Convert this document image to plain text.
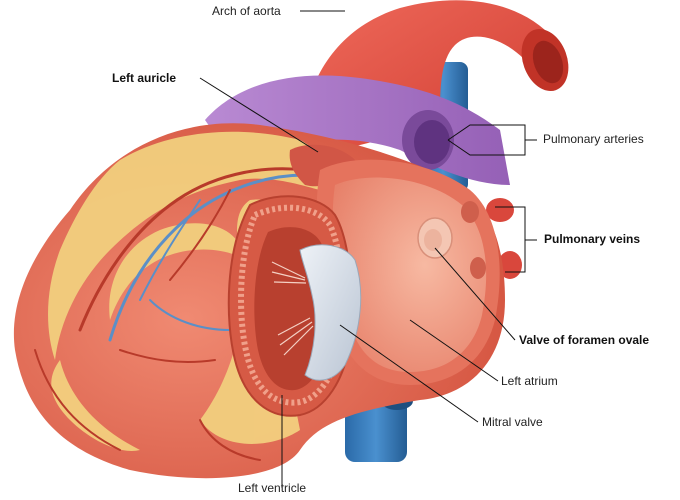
Arch of aorta
Left auricle
Pulmonary arteries
Pulmonary veins
Valve of foramen ovale
Left atrium
Mitral valve
Left ventricle
